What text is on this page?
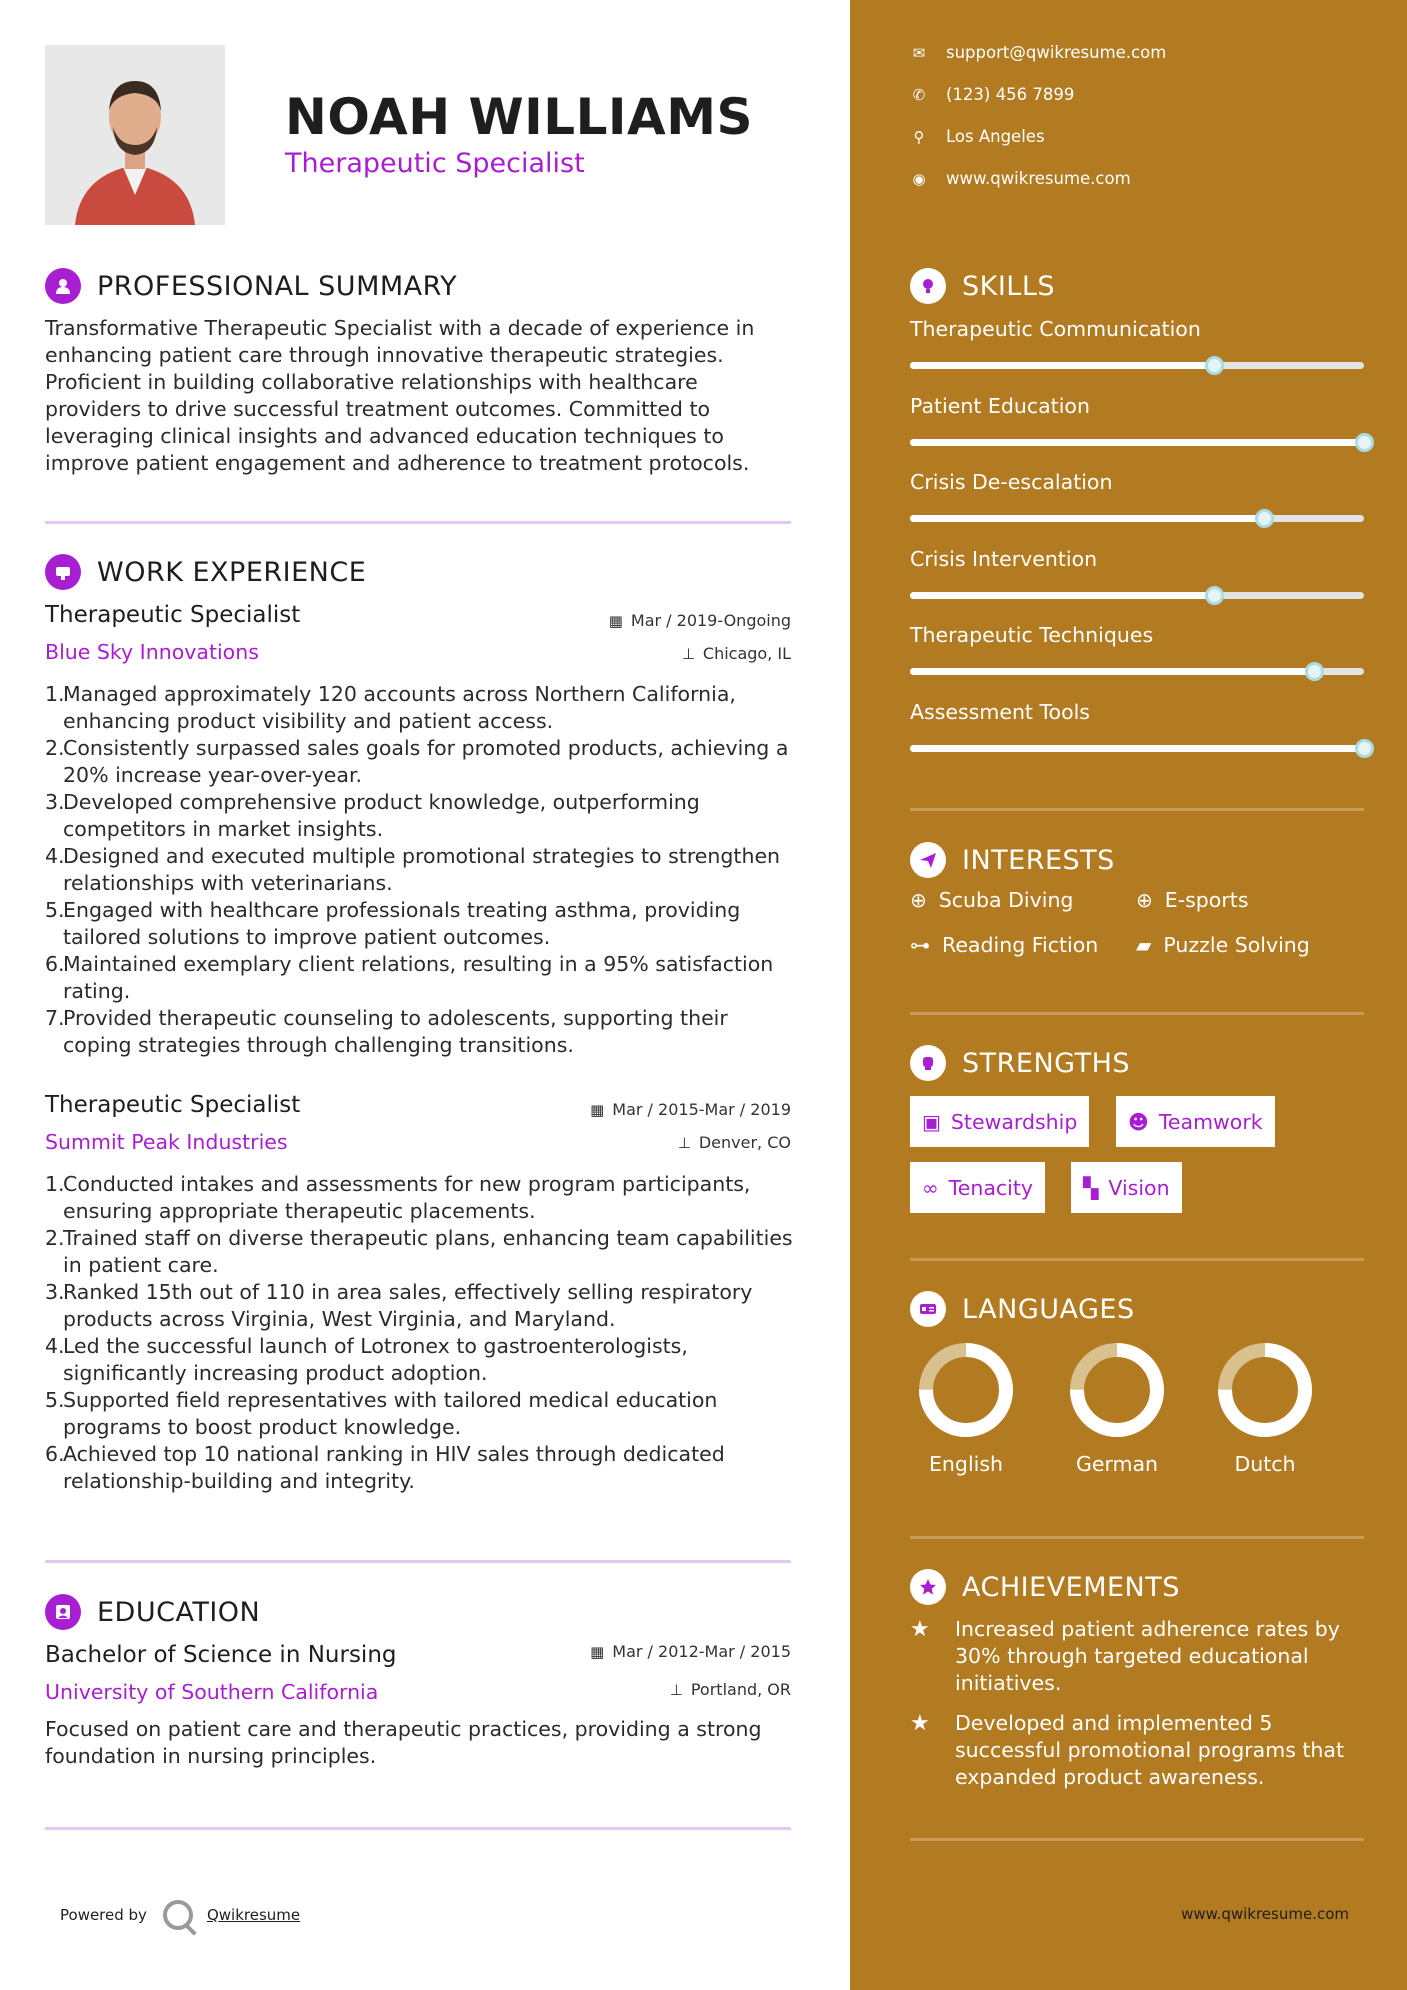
NOAH WILLIAMS
Therapeutic Specialist
PROFESSIONAL SUMMARY
Transformative Therapeutic Specialist with a decade of experience in enhancing patient care through innovative therapeutic strategies. Proficient in building collaborative relationships with healthcare providers to drive successful treatment outcomes. Committed to leveraging clinical insights and advanced education techniques to improve patient engagement and adherence to treatment protocols.
WORK EXPERIENCE
Therapeutic Specialist	▦ Mar / 2019-Ongoing
Blue Sky Innovations	⊥ Chicago, IL
1.
Managed approximately 120 accounts across Northern California, enhancing product visibility and patient access.
2.
Consistently surpassed sales goals for promoted products, achieving a 20% increase year-over-year.
3.
Developed comprehensive product knowledge, outperforming competitors in market insights.
4.
Designed and executed multiple promotional strategies to strengthen relationships with veterinarians.
5.
Engaged with healthcare professionals treating asthma, providing tailored solutions to improve patient outcomes.
6.
Maintained exemplary client relations, resulting in a 95% satisfaction rating.
7.
Provided therapeutic counseling to adolescents, supporting their coping strategies through challenging transitions.
Therapeutic Specialist	▦ Mar / 2015-Mar / 2019
Summit Peak Industries	⊥ Denver, CO
1.
Conducted intakes and assessments for new program participants, ensuring appropriate therapeutic placements.
2.
Trained staff on diverse therapeutic plans, enhancing team capabilities in patient care.
3.
Ranked 15th out of 110 in area sales, effectively selling respiratory products across Virginia, West Virginia, and Maryland.
4.
Led the successful launch of Lotronex to gastroenterologists, significantly increasing product adoption.
5.
Supported field representatives with tailored medical education programs to boost product knowledge.
6.
Achieved top 10 national ranking in HIV sales through dedicated relationship-building and integrity.
EDUCATION
Bachelor of Science in Nursing	▦ Mar / 2012-Mar / 2015
University of Southern California	⊥ Portland, OR
Focused on patient care and therapeutic practices, providing a strong foundation in nursing principles.
Powered by	Qwikresume
✉ support@qwikresume.com
✆ (123) 456 7899
⚲ Los Angeles
◉ www.qwikresume.com
SKILLS
Therapeutic Communication
Patient Education
Crisis De-escalation
Crisis Intervention
Therapeutic Techniques
Assessment Tools
INTERESTS
⊕ Scuba Diving	⊕ E-sports
⊶ Reading Fiction ▰ Puzzle Solving
STRENGTHS
▣ Stewardship	☻ Teamwork
∞ Tenacity ▚ Vision
LANGUAGES
English	German	Dutch
ACHIEVEMENTS
★	Increased patient adherence rates by 30% through targeted educational initiatives.
★	Developed and implemented 5 successful promotional programs that expanded product awareness.
www.qwikresume.com
